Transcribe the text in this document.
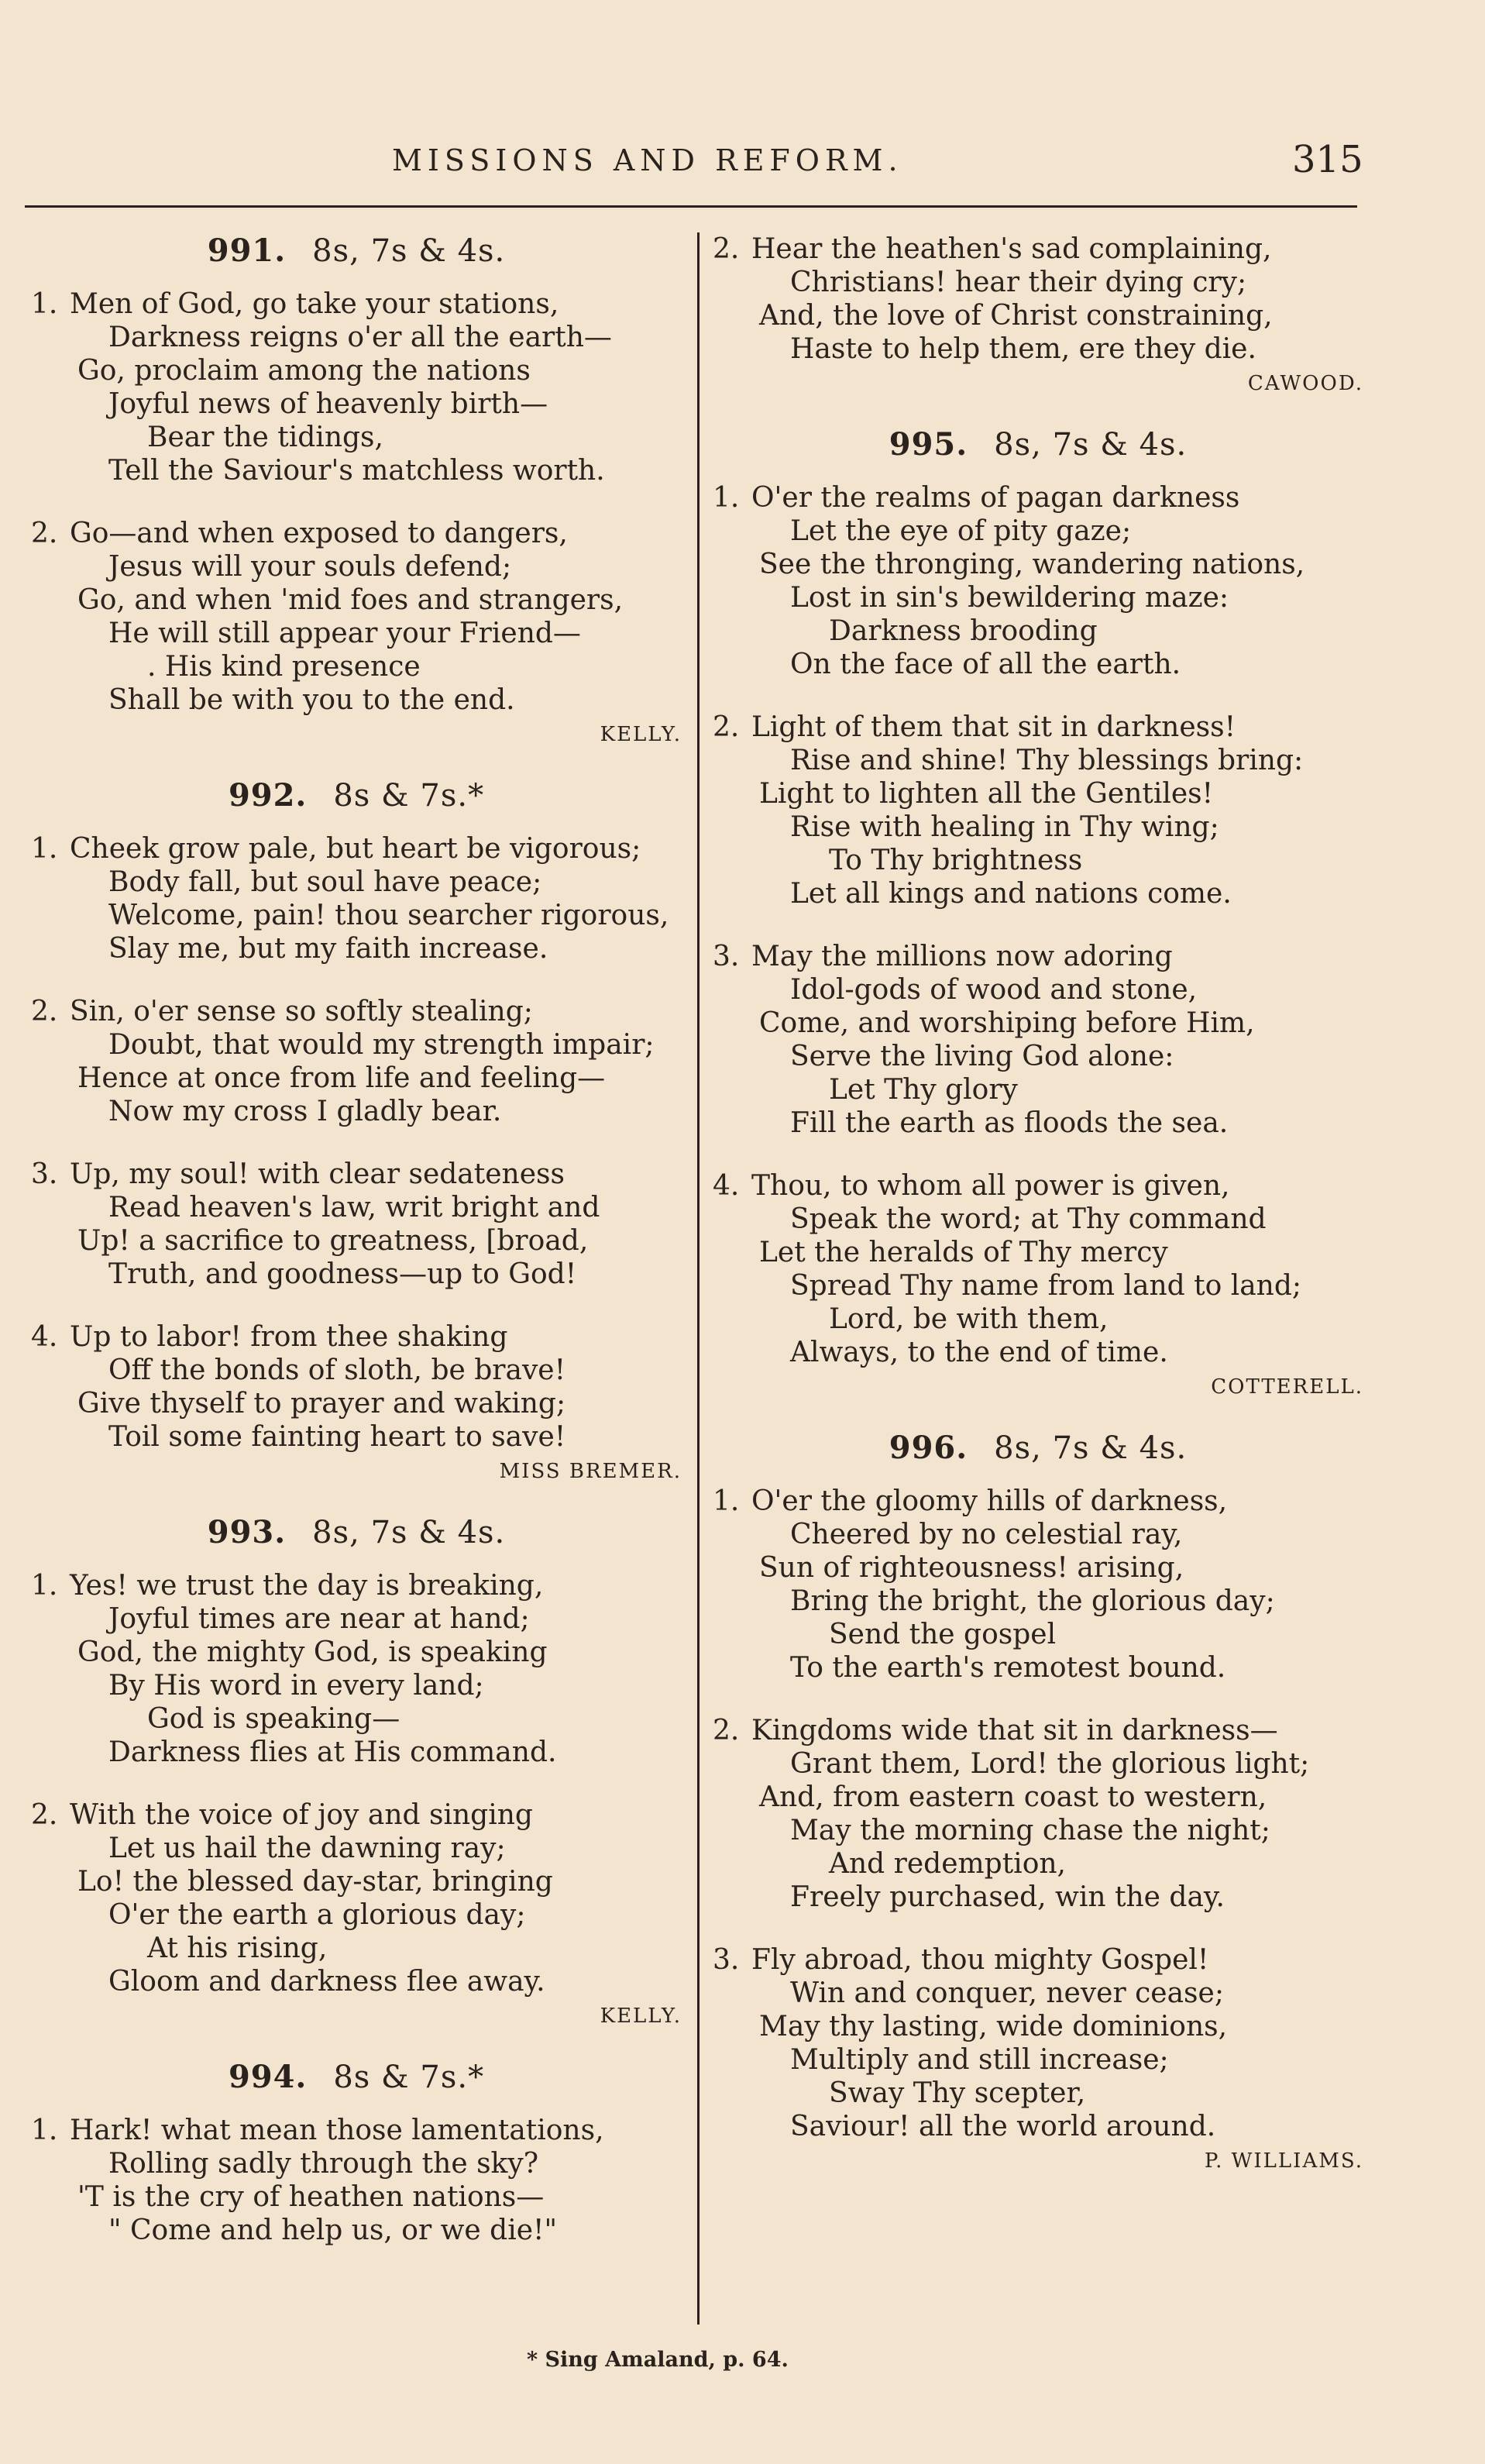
MISSIONS AND REFORM.	315
991. 8s, 7s & 4s.
1. Men of God, go take your stations,
Darkness reigns o'er all the earth—
Go, proclaim among the nations
Joyful news of heavenly birth—
Bear the tidings,
Tell the Saviour's matchless worth.
2. Go—and when exposed to dangers,
Jesus will your souls defend;
Go, and when 'mid foes and strangers,
He will still appear your Friend—
. His kind presence
Shall be with you to the end.
KELLY.
992. 8s & 7s.*
1. Cheek grow pale, but heart be vigorous;
Body fall, but soul have peace;
Welcome, pain! thou searcher rigorous,
Slay me, but my faith increase.
2. Sin, o'er sense so softly stealing;
Doubt, that would my strength impair;
Hence at once from life and feeling—
Now my cross I gladly bear.
3. Up, my soul! with clear sedateness
Read heaven's law, writ bright and
Up! a sacrifice to greatness, [broad,
Truth, and goodness—up to God!
4. Up to labor! from thee shaking
Off the bonds of sloth, be brave!
Give thyself to prayer and waking;
Toil some fainting heart to save!
MISS BREMER.
993. 8s, 7s & 4s.
1. Yes! we trust the day is breaking,
Joyful times are near at hand;
God, the mighty God, is speaking
By His word in every land;
God is speaking—
Darkness flies at His command.
2. With the voice of joy and singing
Let us hail the dawning ray;
Lo! the blessed day-star, bringing
O'er the earth a glorious day;
At his rising,
Gloom and darkness flee away.
KELLY.
994. 8s & 7s.*
1. Hark! what mean those lamentations,
Rolling sadly through the sky?
'T is the cry of heathen nations—
" Come and help us, or we die!"
2. Hear the heathen's sad complaining,
Christians! hear their dying cry;
And, the love of Christ constraining,
Haste to help them, ere they die.
CAWOOD.
995. 8s, 7s & 4s.
1. O'er the realms of pagan darkness
Let the eye of pity gaze;
See the thronging, wandering nations,
Lost in sin's bewildering maze:
Darkness brooding
On the face of all the earth.
2. Light of them that sit in darkness!
Rise and shine! Thy blessings bring:
Light to lighten all the Gentiles!
Rise with healing in Thy wing;
To Thy brightness
Let all kings and nations come.
3. May the millions now adoring
Idol-gods of wood and stone,
Come, and worshiping before Him,
Serve the living God alone:
Let Thy glory
Fill the earth as floods the sea.
4. Thou, to whom all power is given,
Speak the word; at Thy command
Let the heralds of Thy mercy
Spread Thy name from land to land;
Lord, be with them,
Always, to the end of time.
COTTERELL.
996. 8s, 7s & 4s.
1. O'er the gloomy hills of darkness,
Cheered by no celestial ray,
Sun of righteousness! arising,
Bring the bright, the glorious day;
Send the gospel
To the earth's remotest bound.
2. Kingdoms wide that sit in darkness—
Grant them, Lord! the glorious light;
And, from eastern coast to western,
May the morning chase the night;
And redemption,
Freely purchased, win the day.
3. Fly abroad, thou mighty Gospel!
Win and conquer, never cease;
May thy lasting, wide dominions,
Multiply and still increase;
Sway Thy scepter,
Saviour! all the world around.
P. WILLIAMS.
* Sing Amaland, p. 64.
